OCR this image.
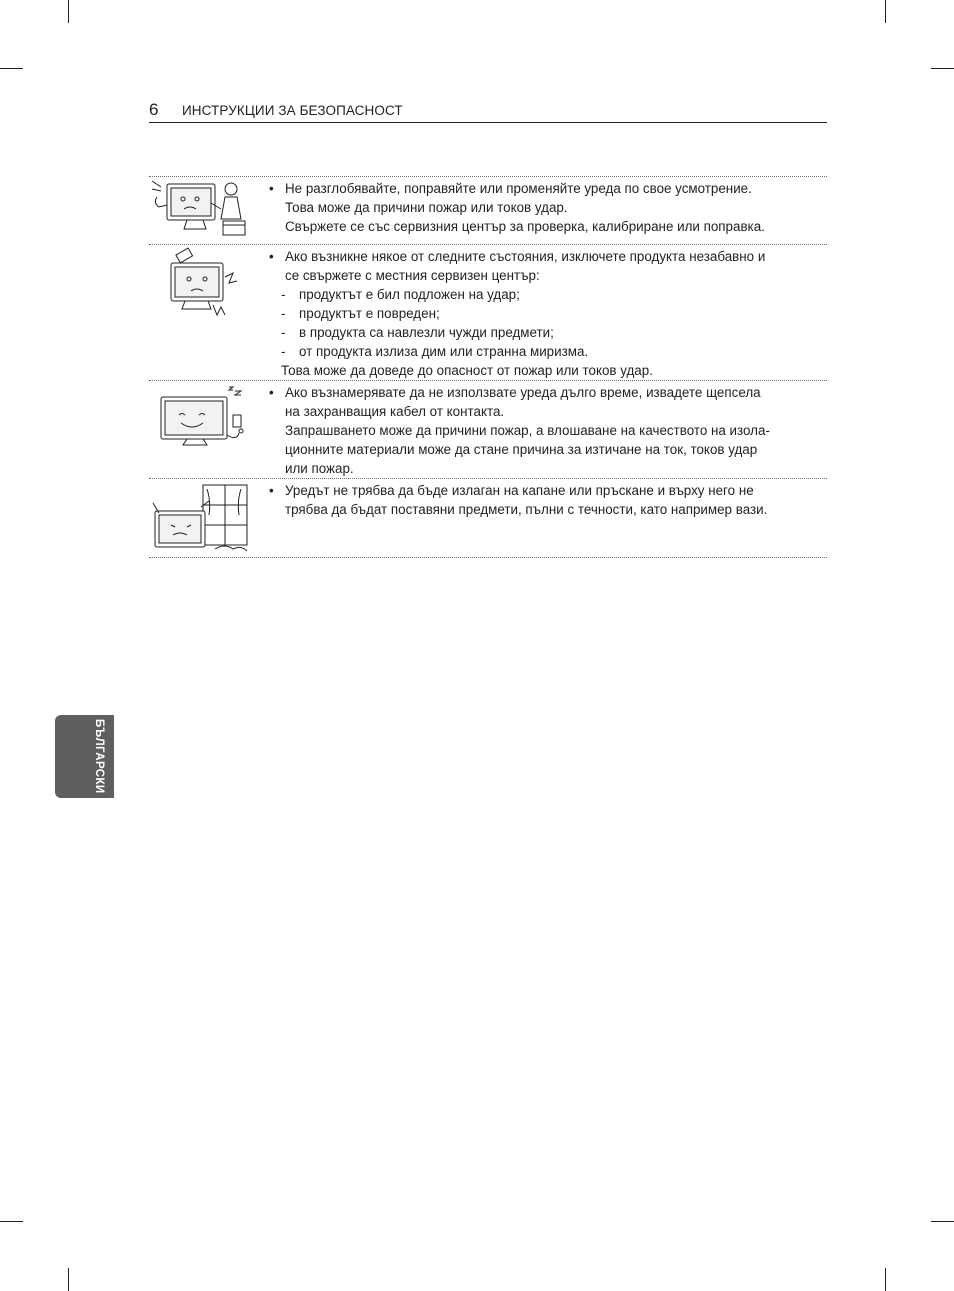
6 ИНСТРУКЦИИ ЗА БЕЗОПАСНОСТ
• Не разглобявайте, поправяйте или променяйте уреда по свое усмотрение.
Това може да причини пожар или токов удар.
Свържете се със сервизния център за проверка, калибриране или поправка.
• Ако възникне някое от следните състояния, изключете продукта незабавно и
се свържете с местния сервизен център:
- продуктът е бил подложен на удар;
- продуктът е повреден;
- в продукта са навлезли чужди предмети;
- от продукта излиза дим или странна миризма.
Това може да доведе до опасност от пожар или токов удар.
• Ако възнамерявате да не използвате уреда дълго време, извадете щепсела
на захранващия кабел от контакта.
Запрашването може да причини пожар, а влошаване на качеството на изола-
ционните материали може да стане причина за изтичане на ток, токов удар
или пожар.
• Уредът не трябва да бъде излаган на капане или пръскане и върху него не
трябва да бъдат поставяни предмети, пълни с течности, като например вази.
БЪЛГАРСКИ
